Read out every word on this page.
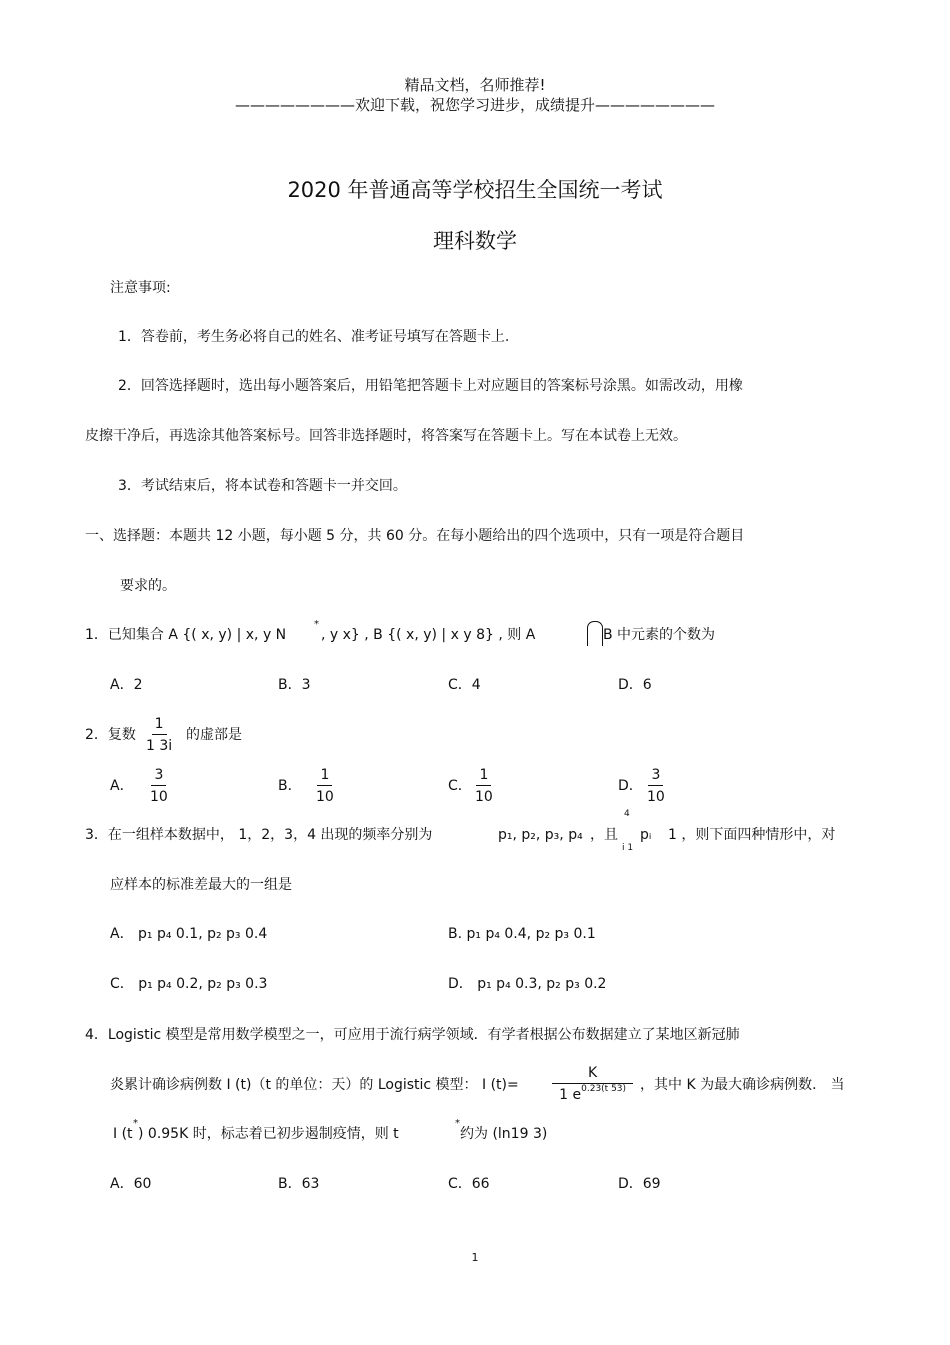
精品文档，名师推荐!
————————欢迎下载，祝您学习进步，成绩提升————————
2020 年普通高等学校招生全国统一考试
理科数学
注意事项:
1．答卷前，考生务必将自己的姓名、准考证号填写在答题卡上.
2．回答选择题时，选出每小题答案后，用铅笔把答题卡上对应题目的答案标号涂黑。如需改动，用橡
皮擦干净后，再选涂其他答案标号。回答非选择题时，将答案写在答题卡上。写在本试卷上无效。
3．考试结束后，将本试卷和答题卡一并交回。
一、选择题：本题共 12 小题，每小题 5 分，共 60 分。在每小题给出的四个选项中，只有一项是符合题目
要求的。
1．已知集合 A {( x, y) | x, y N
*
, y x} , B {( x, y) | x y 8} , 则 A	B 中元素的个数为
A．2	B．3	C．4	D．6
2．复数 $\frac{1}{1 3i}$ 的虚部是
A． $\frac{3}{10}$	B． $\frac{1}{10}$	C． $\frac{1}{10}$	D． $\frac{3}{10}$
3．在一组样本数据中， 1，2，3，4 出现的频率分别为	p₁, p₂, p₃, p₄ ，且
4
i 1
pᵢ 1 ，则下面四种情形中，对
应样本的标准差最大的一组是
A． p₁ p₄ 0.1, p₂ p₃ 0.4	B. p₁ p₄ 0.4, p₂ p₃ 0.1
C． p₁ p₄ 0.2, p₂ p₃ 0.3	D． p₁ p₄ 0.3, p₂ p₃ 0.2
4．Logistic 模型是常用数学模型之一，可应用于流行病学领域．有学者根据公布数据建立了某地区新冠肺
炎累计确诊病例数 I (t)（t 的单位：天）的 Logistic 模型： I $(t)= \frac{K}{1 e^{0.23(t 53)}}$ ，其中 K 为最大确诊病例数． 当
I (t
*
) 0.95K 时，标志着已初步遏制疫情，则 t
*
约为 (ln19 3)
A．60	B．63	C．66	D．69
1
